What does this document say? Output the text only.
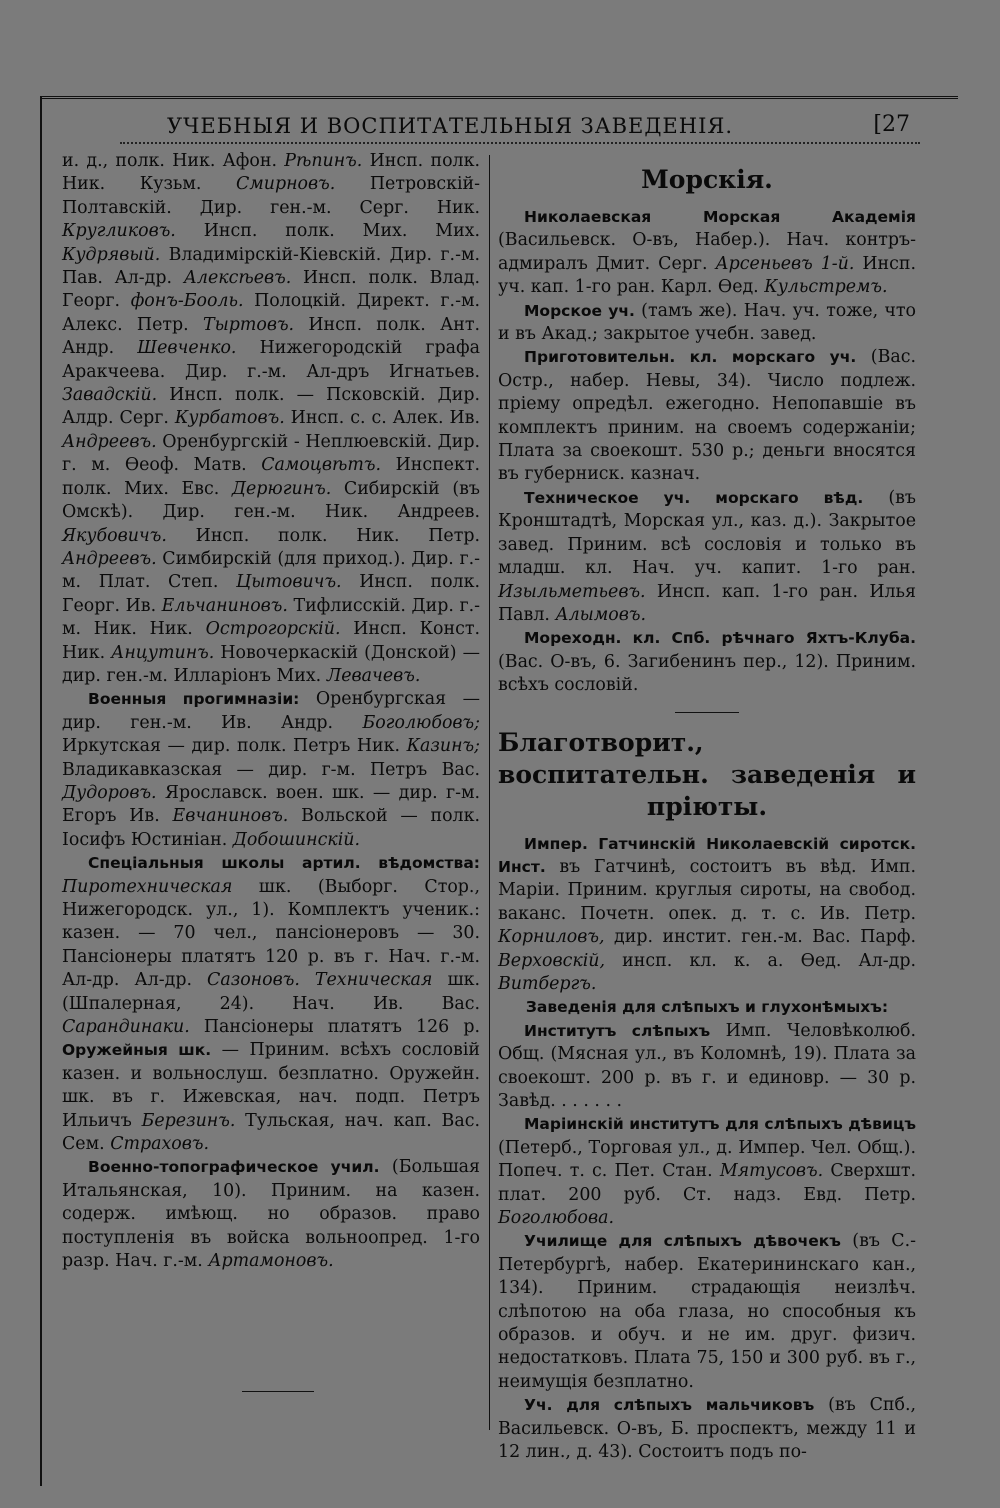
УЧЕБНЫЯ И ВОСПИТАТЕЛЬНЫЯ ЗАВЕДЕНІЯ.	[27

и. д., полк. Ник. Афон. Рѣпинъ. Инсп. полк. Ник. Кузьм. Смирновъ. Петровскій-Полтавскій. Дир. ген.-м. Серг. Ник. Кругликовъ. Инсп. полк. Мих. Мих. Кудрявый. Владимірскій-Кіевскій. Дир. г.-м. Пав. Ал-др. Алексѣевъ. Инсп. полк. Влад. Георг. фонъ-Бооль. Полоцкій. Директ. г.-м. Алекс. Петр. Тыртовъ. Инсп. полк. Ант. Андр. Шевченко. Нижегородскій графа Аракчеева. Дир. г.-м. Ал-дръ Игнатьев. Завадскій. Инсп. полк. — Псковскій. Дир. Алдр. Серг. Курбатовъ. Инсп. с. с. Алек. Ив. Андреевъ. Оренбургскій - Неплюевскій. Дир. г. м. Ѳеоф. Матв. Самоцвѣтъ. Инспект. полк. Мих. Евс. Дерюгинъ. Сибирскій (въ Омскѣ). Дир. ген.-м. Ник. Андреев. Якубовичъ. Инсп. полк. Ник. Петр. Андреевъ. Симбирскій (для приход.). Дир. г.-м. Плат. Степ. Цытовичъ. Инсп. полк. Георг. Ив. Ельчаниновъ. Тифлисскій. Дир. г.-м. Ник. Ник. Острогорскій. Инсп. Конст. Ник. Анцутинъ. Новочеркаскій (Донской) — дир. ген.-м. Илларіонъ Мих. Левачевъ.

Военныя прогимназіи: Оренбургская — дир. ген.-м. Ив. Андр. Боголюбовъ; Иркутская — дир. полк. Петръ Ник. Казинъ; Владикавказская — дир. г-м. Петръ Вас. Дудоровъ. Ярославск. воен. шк. — дир. г-м. Егоръ Ив. Евчаниновъ. Вольской — полк. Іосифъ Юстиніан. Добошинскій.

Спеціальныя школы артил. вѣдомства: Пиротехническая шк. (Выборг. Стор., Нижегородск. ул., 1). Комплектъ ученик.: казен. — 70 чел., пансіонеровъ — 30. Пансіонеры платятъ 120 р. въ г. Нач. г.-м. Ал-др. Ал-др. Сазоновъ. Техническая шк. (Шпалерная, 24). Нач. Ив. Вас. Сарандинаки. Пансіонеры платятъ 126 р. Оружейныя шк. — Приним. всѣхъ сословій казен. и вольнослуш. безплатно. Оружейн. шк. въ г. Ижевская, нач. подп. Петръ Ильичъ Березинъ. Тульская, нач. кап. Вас. Сем. Страховъ.

Военно-топографическое учил. (Большая Итальянская, 10). Приним. на казен. содерж. имѣющ. но образов. право поступленія въ войска вольноопред. 1-го разр. Нач. г.-м. Артамоновъ.

Морскія.

Николаевская Морская Академія (Васильевск. О-въ, Набер.). Нач. контръ-адмиралъ Дмит. Серг. Арсеньевъ 1-й. Инсп. уч. кап. 1-го ран. Карл. Ѳед. Кульстремъ.

Морское уч. (тамъ же). Нач. уч. тоже, что и въ Акад.; закрытое учебн. завед.

Приготовительн. кл. морскаго уч. (Вас. Остр., набер. Невы, 34). Число подлеж. пріему опредѣл. ежегодно. Непопавшіе въ комплектъ приним. на своемъ содержаніи; Плата за своекошт. 530 р.; деньги вносятся въ губерниск. казнач.

Техническое уч. морскаго вѣд. (въ Кронштадтѣ, Морская ул., каз. д.). Закрытое завед. Приним. всѣ сословія и только въ младш. кл. Нач. уч. капит. 1-го ран. Изыльметьевъ. Инсп. кап. 1-го ран. Илья Павл. Алымовъ.

Мореходн. кл. Спб. рѣчнаго Яхтъ-Клуба. (Вас. О-въ, 6. Загибенинъ пер., 12). Приним. всѣхъ сословій.

Благотворит., воспитательн. заведенія и пріюты.

Импер. Гатчинскій Николаевскій сиротск. Инст. въ Гатчинѣ, состоитъ въ вѣд. Имп. Маріи. Приним. круглыя сироты, на свобод. ваканс. Почетн. опек. д. т. с. Ив. Петр. Корниловъ, дир. инстит. ген.-м. Вас. Парф. Верховскій, инсп. кл. к. а. Ѳед. Ал-др. Витбергъ.

Заведенія для слѣпыхъ и глухонѣмыхъ:

Институтъ слѣпыхъ Имп. Человѣколюб. Общ. (Мясная ул., въ Коломнѣ, 19). Плата за своекошт. 200 р. въ г. и единовр. — 30 р. Завѣд. . . . . . .

Маріинскій институтъ для слѣпыхъ дѣвицъ (Петерб., Торговая ул., д. Импер. Чел. Общ.). Попеч. т. с. Пет. Стан. Мятусовъ. Сверхшт. плат. 200 руб. Ст. надз. Евд. Петр. Боголюбова.

Училище для слѣпыхъ дѣвочекъ (въ С.-Петербургѣ, набер. Екатерининскаго кан., 134). Приним. страдающія неизлѣч. слѣпотою на оба глаза, но способныя къ образов. и обуч. и не им. друг. физич. недостатковъ. Плата 75, 150 и 300 руб. въ г., неимущія безплатно.

Уч. для слѣпыхъ мальчиковъ (въ Спб., Васильевск. О-въ, Б. проспектъ, между 11 и 12 лин., д. 43). Состоитъ подъ по-
